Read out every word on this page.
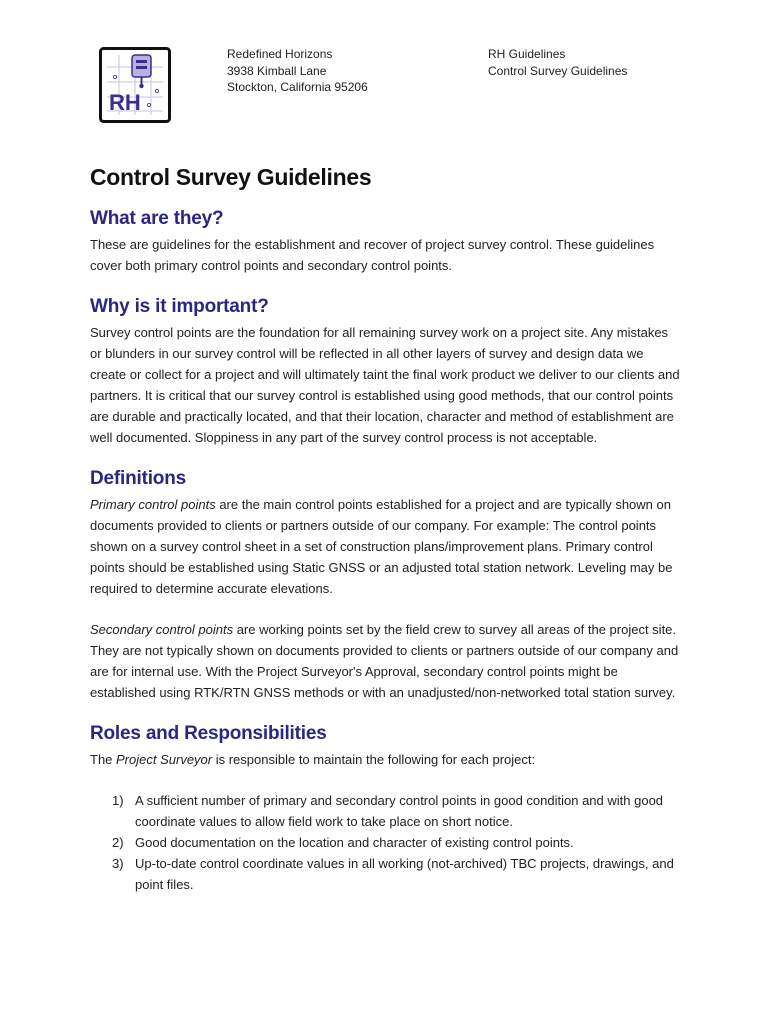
RH
Redefined Horizons
3938 Kimball Lane
Stockton, California 95206
RH Guidelines
Control Survey Guidelines
Control Survey Guidelines
What are they?

These are guidelines for the establishment and recover of project survey control. These guidelines cover both primary control points and secondary control points.

Why is it important?

Survey control points are the foundation for all remaining survey work on a project site. Any mistakes or blunders in our survey control will be reflected in all other layers of survey and design data we create or collect for a project and will ultimately taint the final work product we deliver to our clients and partners. It is critical that our survey control is established using good methods, that our control points are durable and practically located, and that their location, character and method of establishment are well documented. Sloppiness in any part of the survey control process is not acceptable.

Definitions

Primary control points are the main control points established for a project and are typically shown on documents provided to clients or partners outside of our company. For example: The control points shown on a survey control sheet in a set of construction plans/improvement plans. Primary control points should be established using Static GNSS or an adjusted total station network. Leveling may be required to determine accurate elevations.

Secondary control points are working points set by the field crew to survey all areas of the project site. They are not typically shown on documents provided to clients or partners outside of our company and are for internal use. With the Project Surveyor's Approval, secondary control points might be established using RTK/RTN GNSS methods or with an unadjusted/non-networked total station survey.

Roles and Responsibilities

The Project Surveyor is responsible to maintain the following for each project:

1) A sufficient number of primary and secondary control points in good condition and with good coordinate values to allow field work to take place on short notice.
2) Good documentation on the location and character of existing control points.
3) Up-to-date control coordinate values in all working (not-archived) TBC projects, drawings, and point files.
